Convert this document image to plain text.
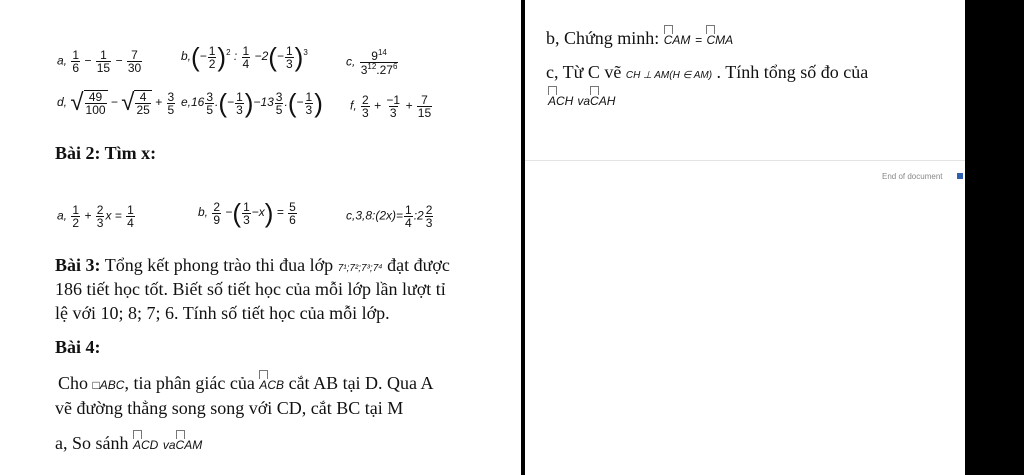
a, $\frac{1}{6} - \frac{1}{15} - \frac{7}{30}$	$b,(- \frac{1}{2} )^2$ : $\frac{1}{4} -2(- \frac{1}{3} )^3$
c, $\frac{9^{14}}{3^{12}.27^6}$
d, √ $\frac{49}{100}$ − √ $\frac{4}{25} + \frac{3}{5} e,16 \frac{3}{5}$ .(− $\frac{1}{3} )-13 \frac{3}{5}$ .(− $\frac{1}{3}$ ) f, $\frac{2}{3} + \frac{-1}{3} + \frac{7}{15}$
Bài 2: Tìm x:
a, $\frac{1}{2} + \frac{2}{3}$ $x = \frac{1}{4}$	b, $\frac{2}{9}$ −( $\frac{1}{3} -x) = \frac{5}{6}$	c,3,8:(2x)= $\frac{1}{4}$ :2 $\frac{2}{3}$
Bài 3: Tổng kết phong trào thi đua lớp 7¹;7²;7³;7⁴ đạt được
186 tiết học tốt. Biết số tiết học của mỗi lớp lần lượt tỉ
lệ với 10; 8; 7; 6. Tính số tiết học của mỗi lớp.
Bài 4:
Cho □ABC, tia phân giác của ACB cắt AB tại D. Qua A
vẽ đường thẳng song song với CD, cắt BC tại M
a, So sánh ACD vaCAM
b, Chứng minh: CAM = CMA
c, Từ C vẽ CH ⊥ AM(H ∈ AM) . Tính tổng số đo của
ACH vaCAH
End of document
